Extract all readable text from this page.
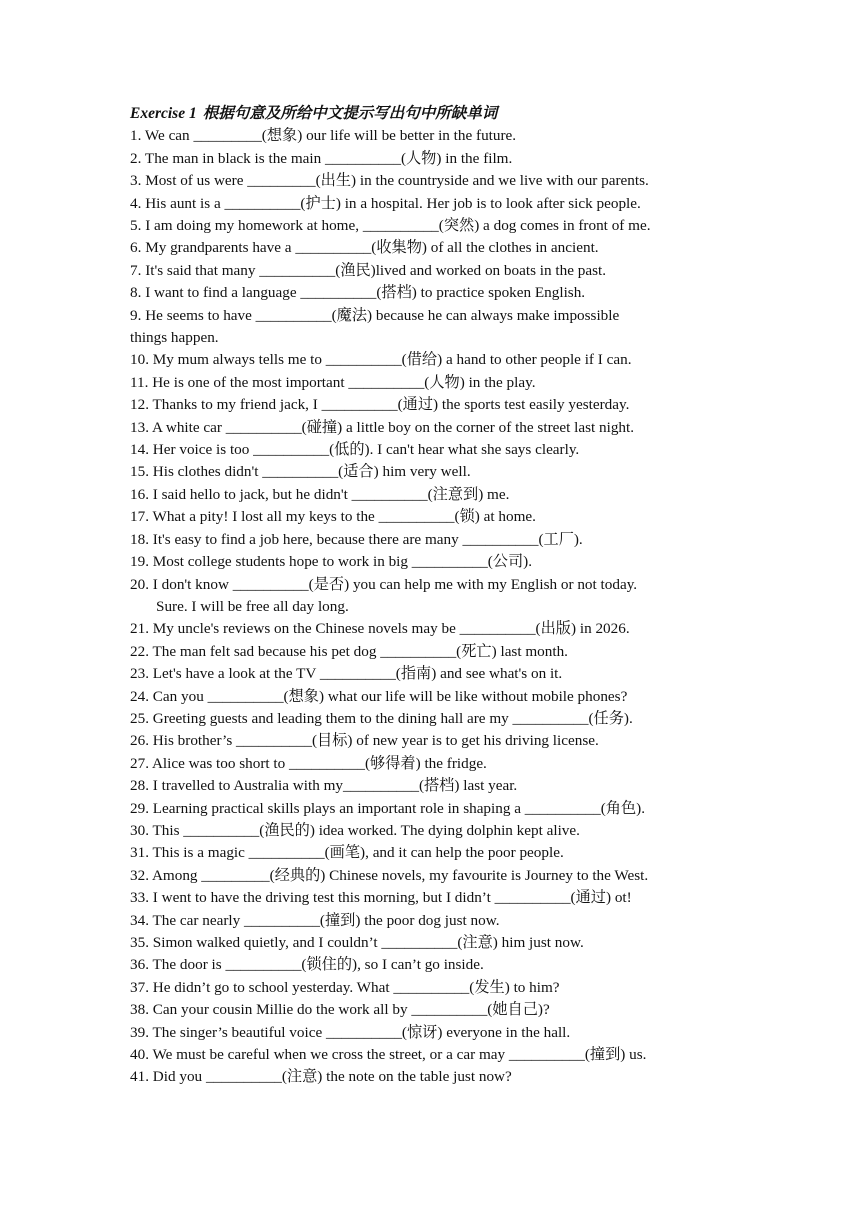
Exercise 1 根据句意及所给中文提示写出句中所缺单词
1. We can _________(想象) our life will be better in the future.
2. The man in black is the main __________(人物) in the film.
3. Most of us were _________(出生) in the countryside and we live with our parents.
4. His aunt is a __________(护士) in a hospital. Her job is to look after sick people.
5. I am doing my homework at home, __________(突然) a dog comes in front of me.
6. My grandparents have a __________(收集物) of all the clothes in ancient.
7. It's said that many __________(渔民)lived and worked on boats in the past.
8. I want to find a language __________(搭档) to practice spoken English.
9. He seems to have __________(魔法) because he can always make impossible
things happen.
10. My mum always tells me to __________(借给) a hand to other people if I can.
11. He is one of the most important __________(人物) in the play.
12. Thanks to my friend jack, I __________(通过) the sports test easily yesterday.
13. A white car __________(碰撞) a little boy on the corner of the street last night.
14. Her voice is too __________(低的). I can't hear what she says clearly.
15. His clothes didn't __________(适合) him very well.
16. I said hello to jack, but he didn't __________(注意到) me.
17. What a pity! I lost all my keys to the __________(锁) at home.
18. It's easy to find a job here, because there are many __________(工厂).
19. Most college students hope to work in big __________(公司).
20. I don't know __________(是否) you can help me with my English or not today.
Sure. I will be free all day long.
21. My uncle's reviews on the Chinese novels may be __________(出版) in 2026.
22. The man felt sad because his pet dog __________(死亡) last month.
23. Let's have a look at the TV __________(指南) and see what's on it.
24. Can you __________(想象) what our life will be like without mobile phones?
25. Greeting guests and leading them to the dining hall are my __________(任务).
26. His brother’s __________(目标) of new year is to get his driving license.
27. Alice was too short to __________(够得着) the fridge.
28. I travelled to Australia with my__________(搭档) last year.
29. Learning practical skills plays an important role in shaping a __________(角色).
30. This __________(渔民的) idea worked. The dying dolphin kept alive.
31. This is a magic __________(画笔), and it can help the poor people.
32. Among _________(经典的) Chinese novels, my favourite is Journey to the West.
33. I went to have the driving test this morning, but I didn’t __________(通过) ot!
34. The car nearly __________(撞到) the poor dog just now.
35. Simon walked quietly, and I couldn’t __________(注意) him just now.
36. The door is __________(锁住的), so I can’t go inside.
37. He didn’t go to school yesterday. What __________(发生) to him?
38. Can your cousin Millie do the work all by __________(她自己)?
39. The singer’s beautiful voice __________(惊讶) everyone in the hall.
40. We must be careful when we cross the street, or a car may __________(撞到) us.
41. Did you __________(注意) the note on the table just now?
